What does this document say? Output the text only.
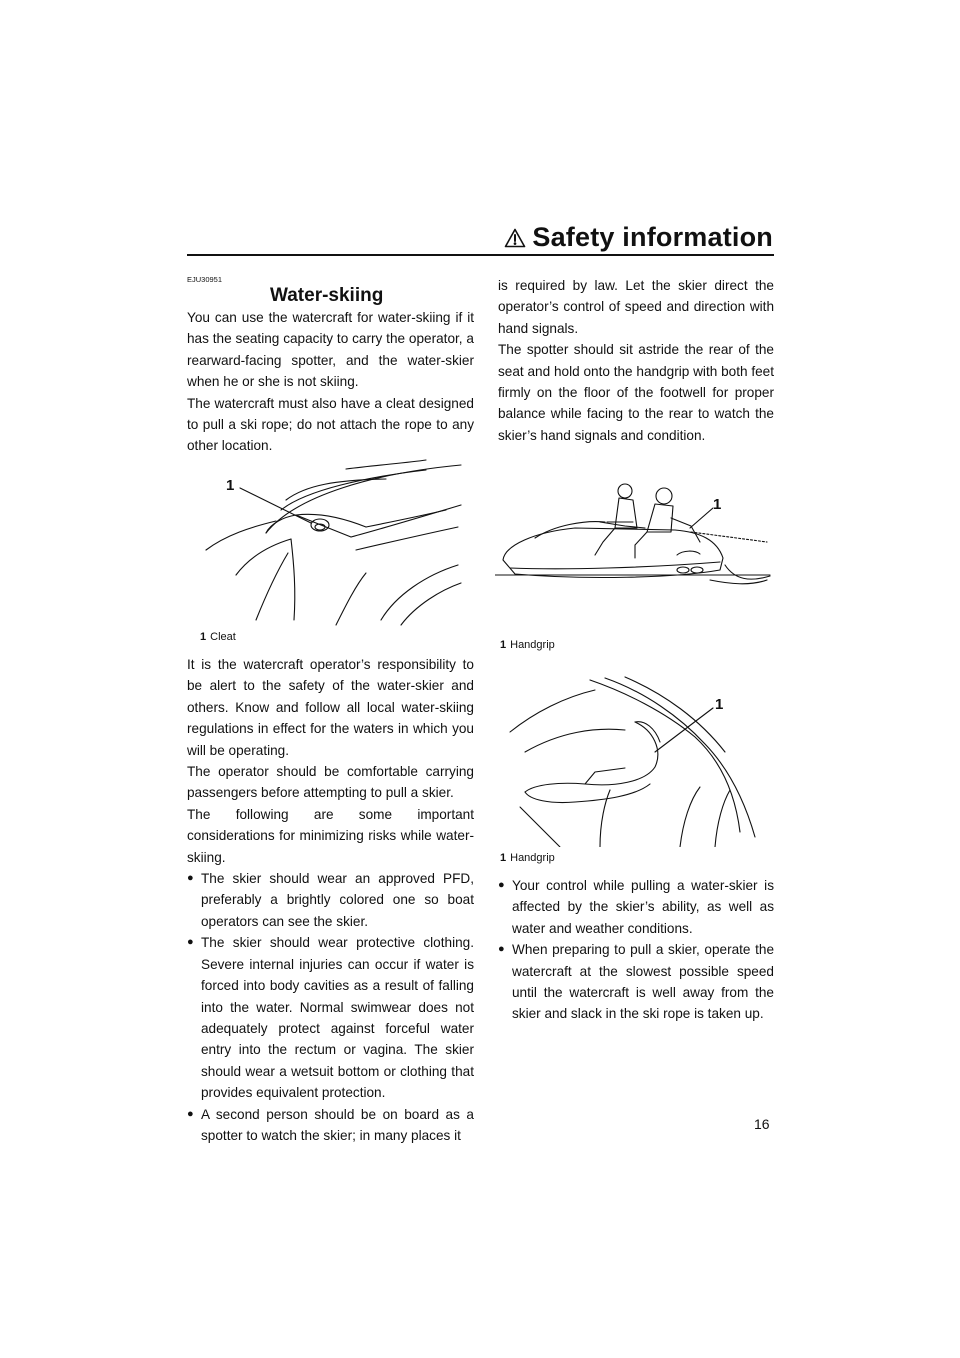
Safety information

EJU30951

Water-skiing

You can use the watercraft for water-skiing if it has the seating capacity to carry the operator, a rearward-facing spotter, and the water-skier when he or she is not skiing.

The watercraft must also have a cleat designed to pull a ski rope; do not attach the rope to any other location.

1
1 Cleat

It is the watercraft operator’s responsibility to be alert to the safety of the water-skier and others. Know and follow all local water-skiing regulations in effect for the waters in which you will be operating.

The operator should be comfortable carrying passengers before attempting to pull a skier.

The following are some important considerations for minimizing risks while water-skiing.

● The skier should wear an approved PFD, preferably a brightly colored one so boat operators can see the skier.

● The skier should wear protective clothing. Severe internal injuries can occur if water is forced into body cavities as a result of falling into the water. Normal swimwear does not adequately protect against forceful water entry into the rectum or vagina. The skier should wear a wetsuit bottom or clothing that provides equivalent protection.

● A second person should be on board as a spotter to watch the skier; in many places it

is required by law. Let the skier direct the operator’s control of speed and direction with hand signals.

The spotter should sit astride the rear of the seat and hold onto the handgrip with both feet firmly on the floor of the footwell for proper balance while facing to the rear to watch the skier’s hand signals and condition.

1
1 Handgrip
1
1 Handgrip

● Your control while pulling a water-skier is affected by the skier’s ability, as well as water and weather conditions.

● When preparing to pull a skier, operate the watercraft at the slowest possible speed until the watercraft is well away from the skier and slack in the ski rope is taken up.

16
